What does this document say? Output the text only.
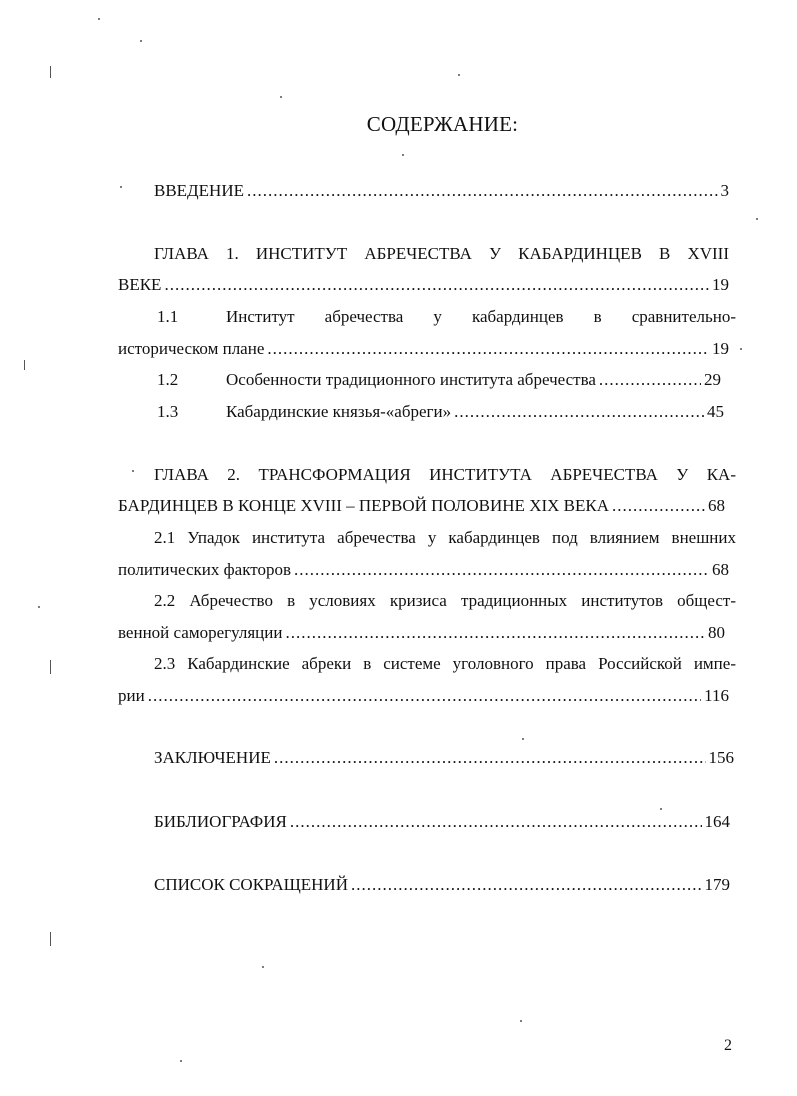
СОДЕРЖАНИЕ:
ВВЕДЕНИЕ .....	3
ГЛАВА 1. ИНСТИТУТ АБРЕЧЕСТВА У КАБАРДИНЦЕВ В XVIII
ВЕКЕ .....	19
1.1	Институт абречества у кабардинцев в сравнительно-
историческом плане .....	19
1.2	Особенности традиционного института абречества .....	29
1.3	Кабардинские князья-«абреги» .....	45
ГЛАВА 2. ТРАНСФОРМАЦИЯ ИНСТИТУТА АБРЕЧЕСТВА У КА-
БАРДИНЦЕВ В КОНЦЕ XVIII – ПЕРВОЙ ПОЛОВИНЕ XIX ВЕКА .....	68
2.1 Упадок института абречества у кабардинцев под влиянием внешних
политических факторов .....	68
2.2 Абречество в условиях кризиса традиционных институтов общест-
венной саморегуляции .....	80
2.3 Кабардинские абреки в системе уголовного права Российской импе-
рии .....	116
ЗАКЛЮЧЕНИЕ .....	156
БИБЛИОГРАФИЯ .....	164
СПИСОК СОКРАЩЕНИЙ .....	179
2
